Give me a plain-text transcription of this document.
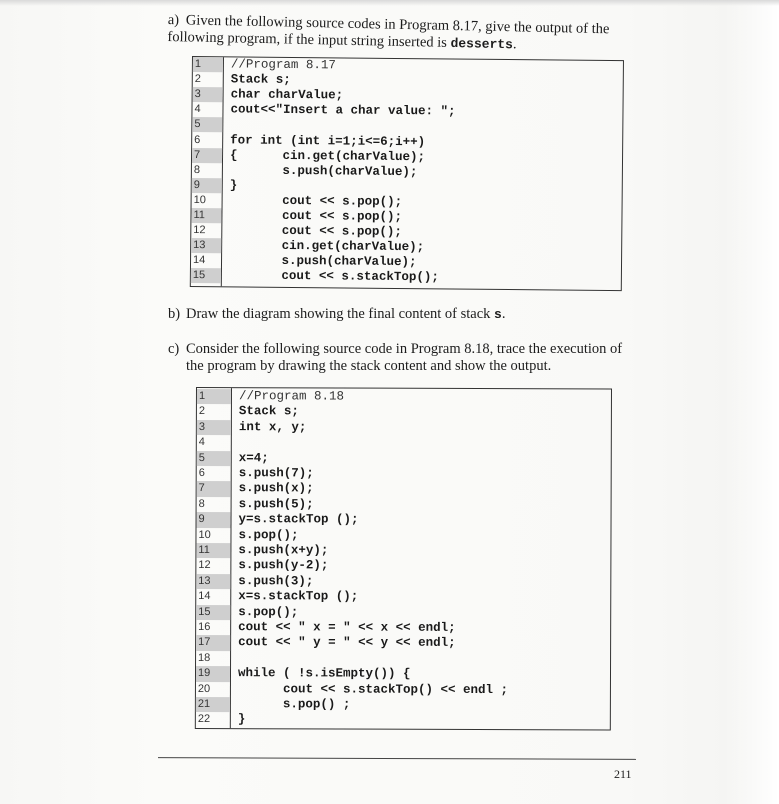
a) Given the following source codes in Program 8.17, give the output of the following program, if the input string inserted is desserts.

1	//Program 8.17
2	Stack s;
3	char charValue;
4	cout<<"Insert a char value: ";
5
6	for int (int i=1;i<=6;i++)
7	{      cin.get(charValue);
8	s.push(charValue);
9	}
10	cout << s.pop();
11	cout << s.pop();
12	cout << s.pop();
13	cin.get(charValue);
14	s.push(charValue);
15	cout << s.stackTop();

b) Draw the diagram showing the final content of stack s.

c) Consider the following source code in Program 8.18, trace the execution of the program by drawing the stack content and show the output.

1	//Program 8.18
2	Stack s;
3	int x, y;
4
5	x=4;
6	s.push(7);
7	s.push(x);
8	s.push(5);
9	y=s.stackTop ();
10	s.pop();
11	s.push(x+y);
12	s.push(y-2);
13	s.push(3);
14	x=s.stackTop ();
15	s.pop();
16	cout << " x = " << x << endl;
17	cout << " y = " << y << endl;
18
19	while ( !s.isEmpty()) {
20	cout << s.stackTop() << endl ;
21	s.pop() ;
22	}
211
